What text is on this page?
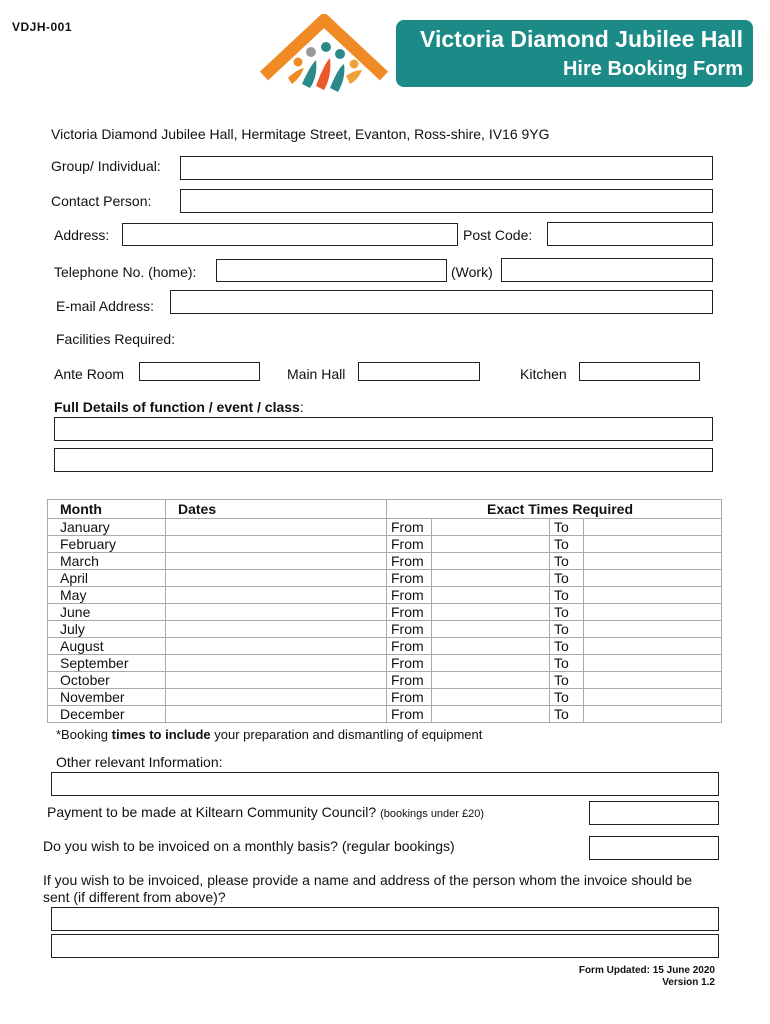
VDJH-001	Victoria Diamond Jubilee Hall
Hire Booking Form
Victoria Diamond Jubilee Hall, Hermitage Street, Evanton, Ross-shire, IV16 9YG
Group/ Individual:
Contact Person:
Address:	Post Code:
Telephone No. (home):	(Work)
E-mail Address:
Facilities Required:
Ante Room	Main Hall	Kitchen
Full Details of function / event / class:
Month	Dates	Exact Times Required			
January		From		To	
February		From		To	
March		From		To	
April		From		To	
May		From		To	
June		From		To	
July		From		To	
August		From		To	
September		From		To	
October		From		To	
November		From		To	
December		From		To	
*Booking times to include your preparation and dismantling of equipment
Other relevant Information:
Payment to be made at Kiltearn Community Council? (bookings under £20)
Do you wish to be invoiced on a monthly basis? (regular bookings)
If you wish to be invoiced, please provide a name and address of the person whom the invoice should be sent (if different from above)?
Form Updated: 15 June 2020
Version 1.2
